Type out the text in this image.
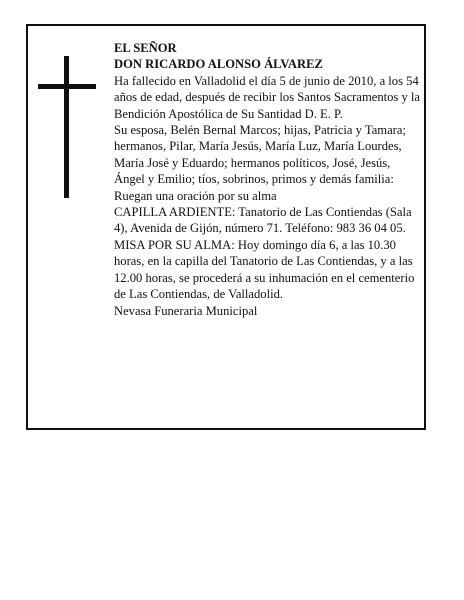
EL SEÑOR

DON RICARDO ALONSO ÁLVAREZ

Ha fallecido en Valladolid el día 5 de junio de 2010, a los 54 años de edad, después de recibir los Santos Sacramentos y la Bendición Apostólica de Su Santidad D. E. P.

Su esposa, Belén Bernal Marcos; hijas, Patricia y Tamara; hermanos, Pilar, María Jesús, María Luz, María Lourdes, María José y Eduardo; hermanos políticos, José, Jesús, Ángel y Emilio; tíos, sobrinos, primos y demás familia:

Ruegan una oración por su alma

CAPILLA ARDIENTE: Tanatorio de Las Contiendas (Sala 4), Avenida de Gijón, número 71. Teléfono: 983 36 04 05.

MISA POR SU ALMA: Hoy domingo día 6, a las 10.30 horas, en la capilla del Tanatorio de Las Contiendas, y a las 12.00 horas, se procederá a su inhumación en el cementerio de Las Contiendas, de Valladolid.

Nevasa Funeraria Municipal
